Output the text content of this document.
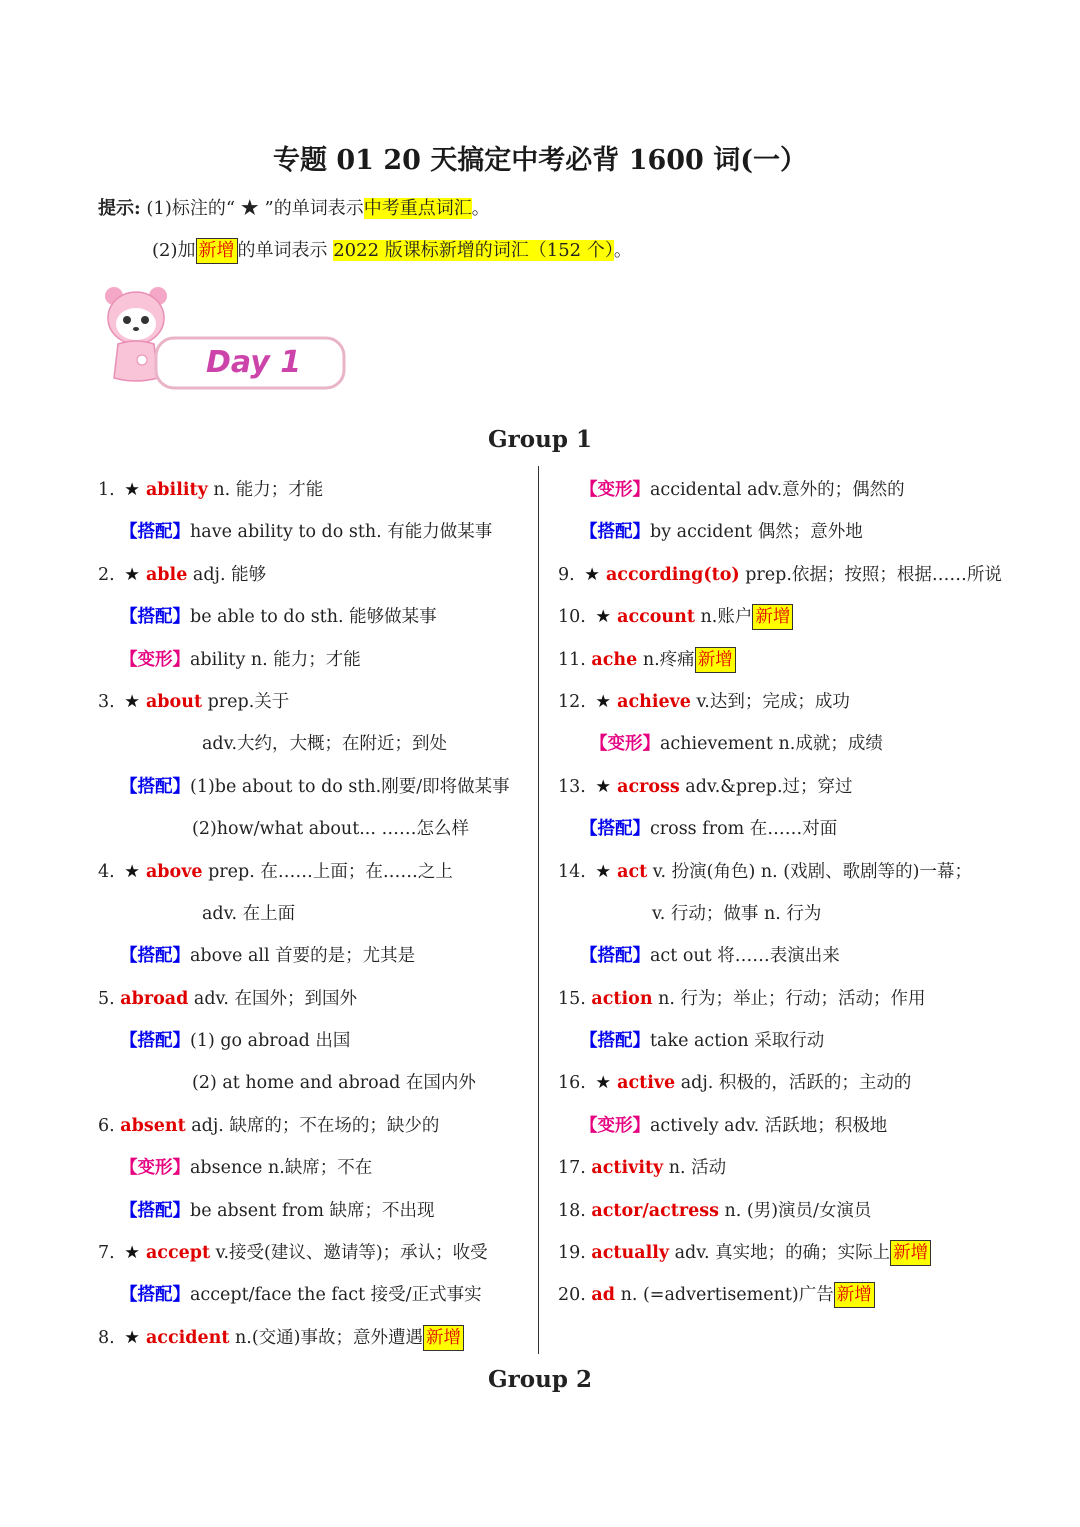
专题 01 20 天搞定中考必背 1600 词(一）
提示: (1)标注的“ ★ ”的单词表示中考重点词汇。
(2)加 新增 的单词表示 2022 版课标新增的词汇（152 个）。
Day 1
Group 1
1. ★ ability n. 能力；才能
【搭配】have ability to do sth. 有能力做某事
2. ★ able adj. 能够
【搭配】be able to do sth. 能够做某事
【变形】ability n. 能力；才能
3. ★ about prep.关于
adv.大约，大概；在附近；到处
【搭配】(1)be about to do sth.刚要/即将做某事
(2)how/what about... ……怎么样
4. ★ above prep. 在……上面；在……之上
adv. 在上面
【搭配】above all 首要的是；尤其是
5. abroad adv. 在国外；到国外
【搭配】(1) go abroad 出国
(2) at home and abroad 在国内外
6. absent adj. 缺席的；不在场的；缺少的
【变形】absence n.缺席；不在
【搭配】be absent from 缺席；不出现
7. ★ accept v.接受(建议、邀请等)；承认；收受
【搭配】accept/face the fact 接受/正式事实
8. ★ accident n.(交通)事故；意外遭遇 新增
【变形】accidental adv.意外的；偶然的
【搭配】by accident 偶然；意外地
9. ★ according(to) prep.依据；按照；根据……所说
10. ★ account n.账户 新增
11. ache n.疼痛 新增
12. ★ achieve v.达到；完成；成功
【变形】achievement n.成就；成绩
13. ★ across adv.&prep.过；穿过
【搭配】cross from 在……对面
14. ★ act v. 扮演(角色) n. (戏剧、歌剧等的)一幕；
v. 行动；做事 n. 行为
【搭配】act out 将……表演出来
15. action n. 行为；举止；行动；活动；作用
【搭配】take action 采取行动
16. ★ active adj. 积极的，活跃的；主动的
【变形】actively adv. 活跃地；积极地
17. activity n. 活动
18. actor/actress n. (男)演员/女演员
19. actually adv. 真实地；的确；实际上 新增
20. ad n. (=advertisement)广告 新增
Group 2
